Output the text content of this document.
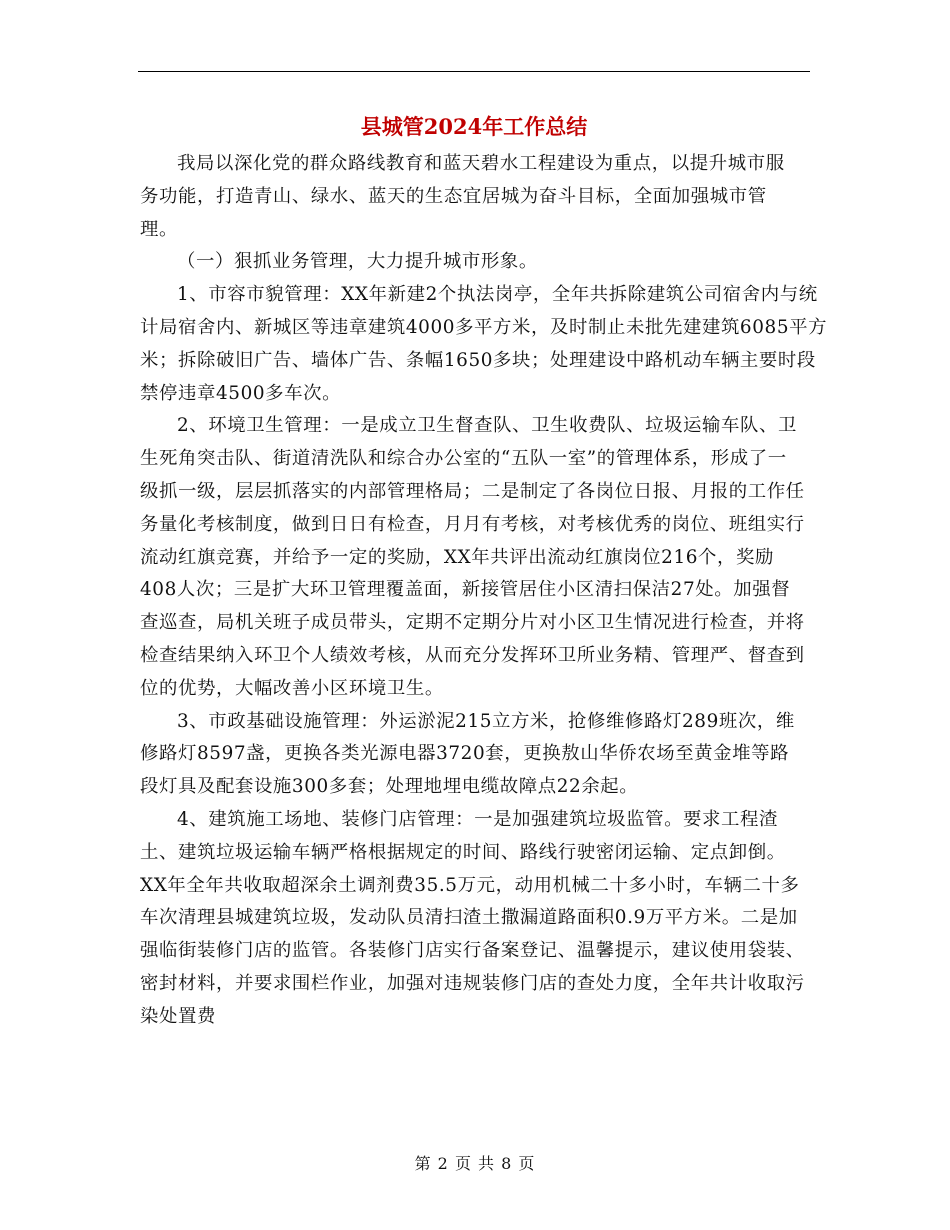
县城管2024年工作总结

我局以深化党的群众路线教育和蓝天碧水工程建设为重点，以提升城市服务功能，打造青山、绿水、蓝天的生态宜居城为奋斗目标，全面加强城市管理。

（一）狠抓业务管理，大力提升城市形象。

1、市容市貌管理：XX年新建2个执法岗亭，全年共拆除建筑公司宿舍内与统计局宿舍内、新城区等违章建筑4000多平方米，及时制止未批先建建筑6085平方米；拆除破旧广告、墙体广告、条幅1650多块；处理建设中路机动车辆主要时段禁停违章4500多车次。

2、环境卫生管理：一是成立卫生督查队、卫生收费队、垃圾运输车队、卫生死角突击队、街道清洗队和综合办公室的“五队一室”的管理体系，形成了一级抓一级，层层抓落实的内部管理格局；二是制定了各岗位日报、月报的工作任务量化考核制度，做到日日有检查，月月有考核，对考核优秀的岗位、班组实行流动红旗竞赛，并给予一定的奖励，XX年共评出流动红旗岗位216个，奖励408人次；三是扩大环卫管理覆盖面，新接管居住小区清扫保洁27处。加强督查巡查，局机关班子成员带头，定期不定期分片对小区卫生情况进行检查，并将检查结果纳入环卫个人绩效考核，从而充分发挥环卫所业务精、管理严、督查到位的优势，大幅改善小区环境卫生。

3、市政基础设施管理：外运淤泥215立方米，抢修维修路灯289班次，维修路灯8597盏，更换各类光源电器3720套，更换敖山华侨农场至黄金堆等路段灯具及配套设施300多套；处理地埋电缆故障点22余起。

4、建筑施工场地、装修门店管理：一是加强建筑垃圾监管。要求工程渣土、建筑垃圾运输车辆严格根据规定的时间、路线行驶密闭运输、定点卸倒。XX年全年共收取超深余土调剂费35.5万元，动用机械二十多小时，车辆二十多车次清理县城建筑垃圾，发动队员清扫渣土撒漏道路面积0.9万平方米。二是加强临街装修门店的监管。各装修门店实行备案登记、温馨提示，建议使用袋装、密封材料，并要求围栏作业，加强对违规装修门店的查处力度，全年共计收取污染处置费

第 2 页 共 8 页
